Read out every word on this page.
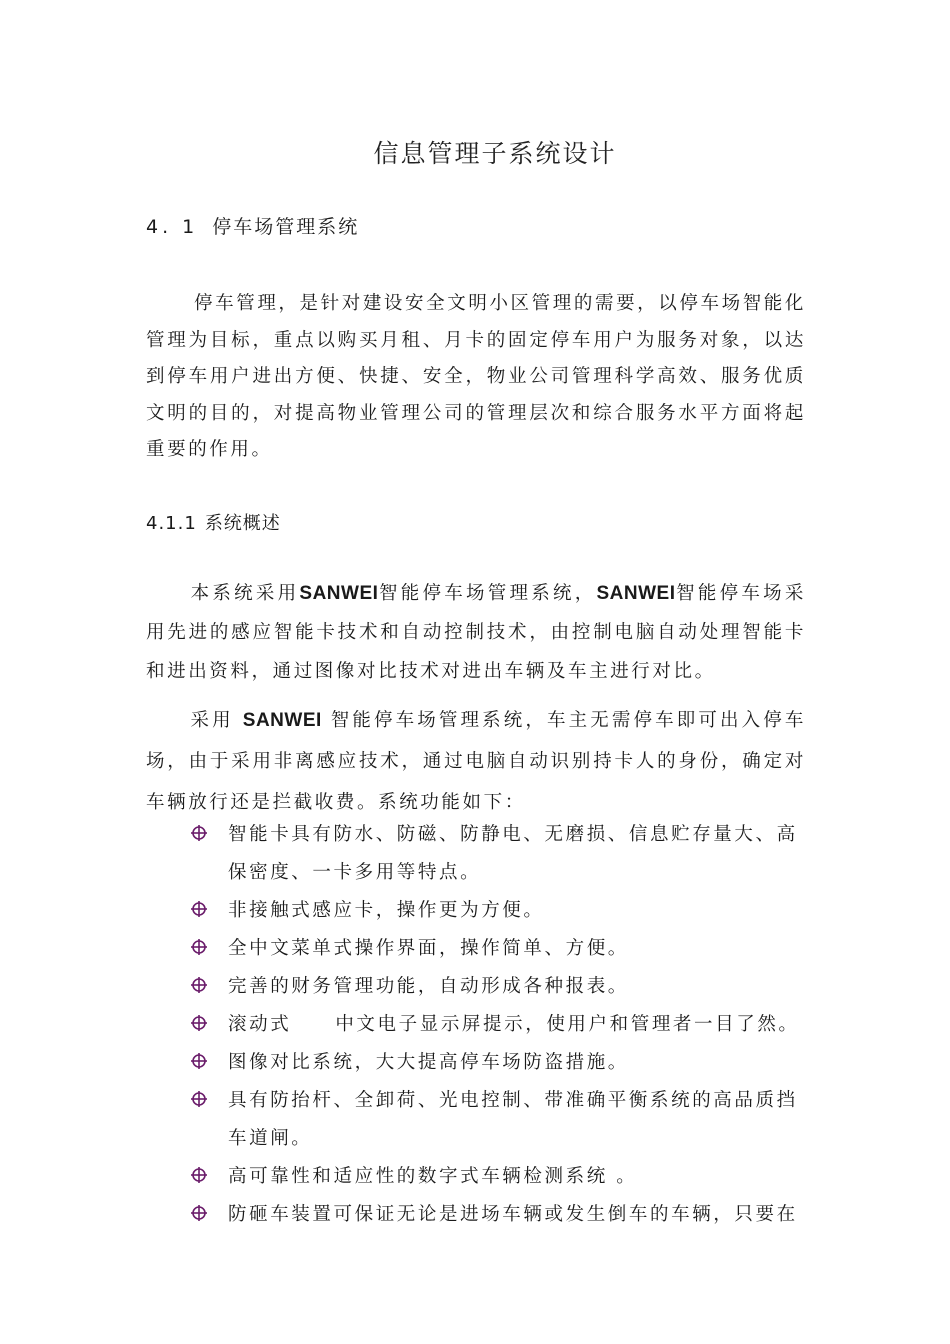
信息管理子系统设计
4. 1 停车场管理系统
停车管理，是针对建设安全文明小区管理的需要，以停车场智能化管理为目标，重点以购买月租、月卡的固定停车用户为服务对象，以达到停车用户进出方便、快捷、安全，物业公司管理科学高效、服务优质文明的目的，对提高物业管理公司的管理层次和综合服务水平方面将起重要的作用。
4.1.1 系统概述
本系统采用SANWEI智能停车场管理系统，SANWEI智能停车场采用先进的感应智能卡技术和自动控制技术，由控制电脑自动处理智能卡和进出资料，通过图像对比技术对进出车辆及车主进行对比。
采用 SANWEI 智能停车场管理系统，车主无需停车即可出入停车场，由于采用非离感应技术，通过电脑自动识别持卡人的身份，确定对车辆放行还是拦截收费。系统功能如下：
智能卡具有防水、防磁、防静电、无磨损、信息贮存量大、高保密度、一卡多用等特点。
非接触式感应卡，操作更为方便。
全中文菜单式操作界面，操作简单、方便。
完善的财务管理功能，自动形成各种报表。
滚动式 中文电子显示屏提示，使用户和管理者一目了然。
图像对比系统，大大提高停车场防盗措施。
具有防抬杆、全卸荷、光电控制、带准确平衡系统的高品质挡车道闸。
高可靠性和适应性的数字式车辆检测系统 。
防砸车装置可保证无论是进场车辆或发生倒车的车辆，只要在
